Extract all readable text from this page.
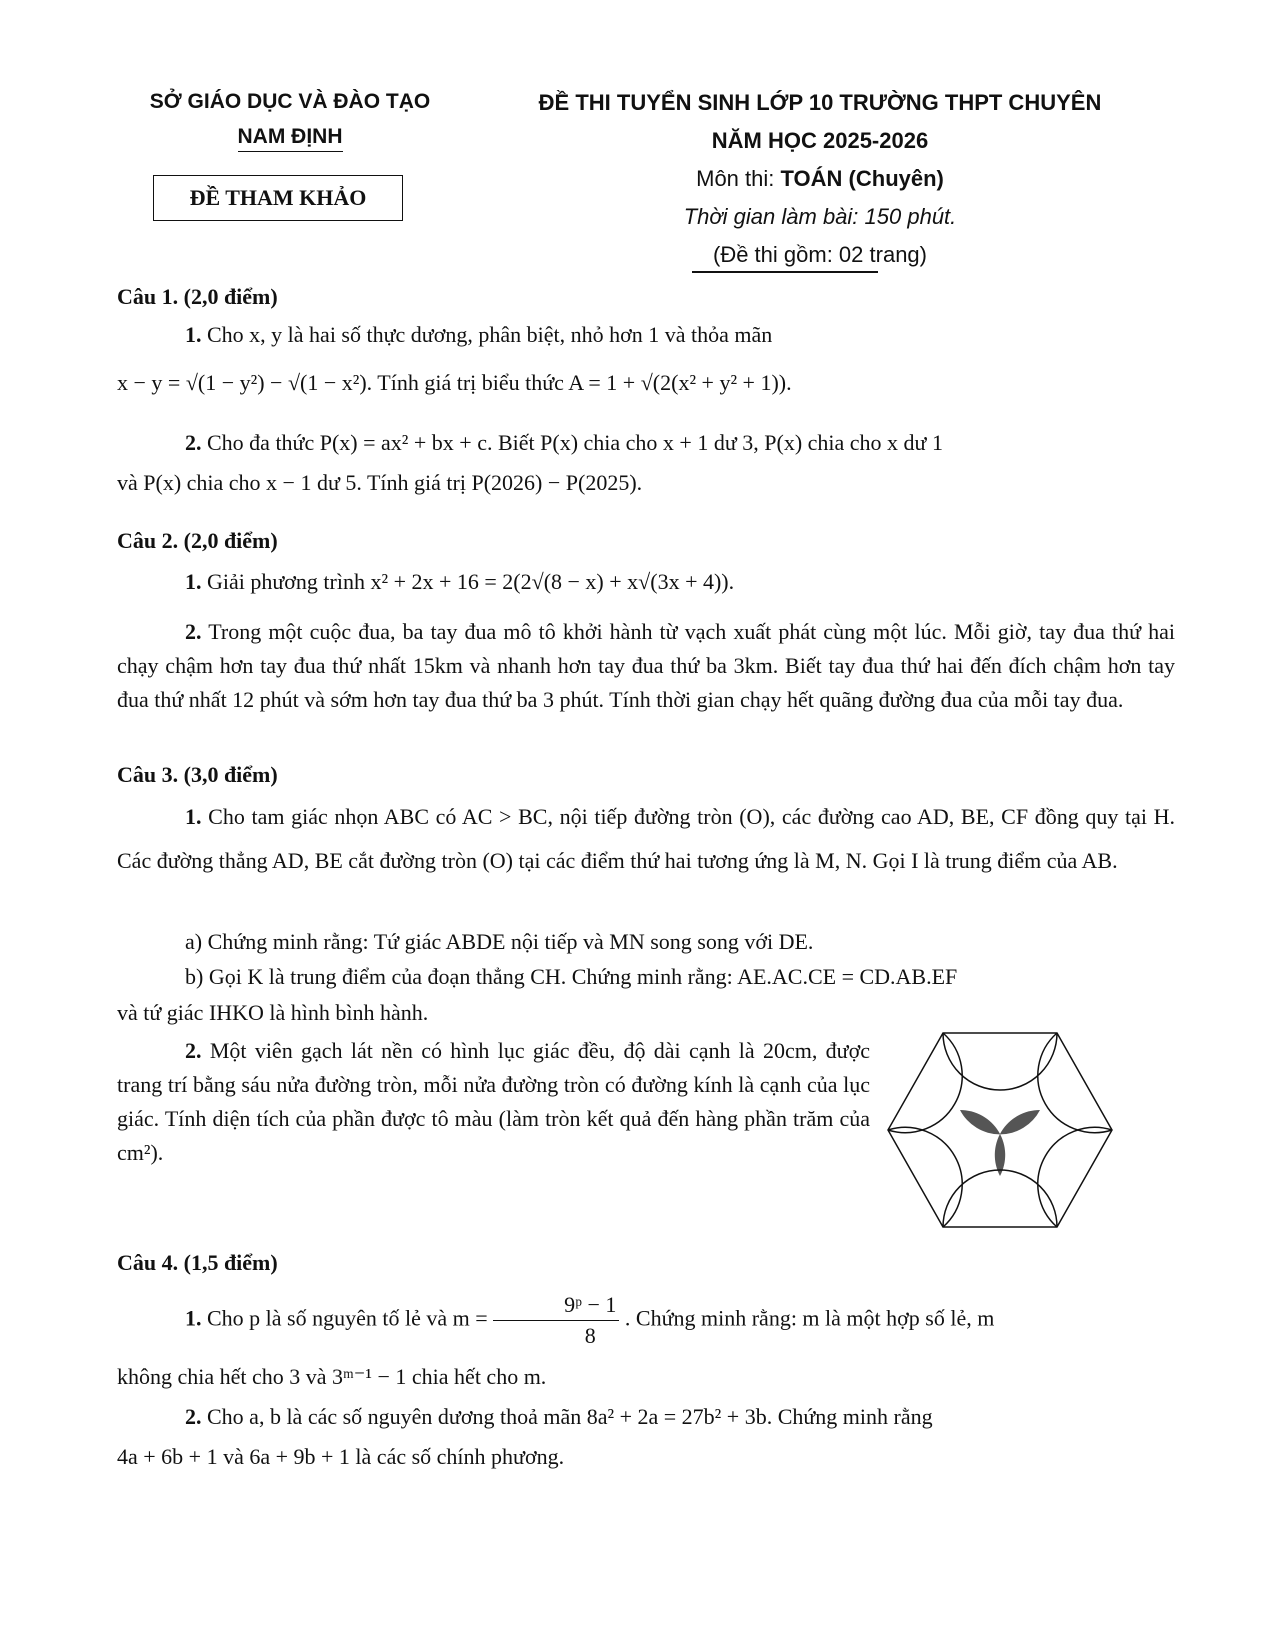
SỞ GIÁO DỤC VÀ ĐÀO TẠO
NAM ĐỊNH
ĐỀ THAM KHẢO
ĐỀ THI TUYỂN SINH LỚP 10 TRƯỜNG THPT CHUYÊN
NĂM HỌC 2025-2026
Môn thi: TOÁN (Chuyên)
Thời gian làm bài: 150 phút.
(Đề thi gồm: 02 trang)
Câu 1. (2,0 điểm)
1. Cho x, y là hai số thực dương, phân biệt, nhỏ hơn 1 và thỏa mãn
x − y = √(1 − y²) − √(1 − x²). Tính giá trị biểu thức A = 1 + √(2(x² + y² + 1)).
2. Cho đa thức P(x) = ax² + bx + c. Biết P(x) chia cho x + 1 dư 3, P(x) chia cho x dư 1
và P(x) chia cho x − 1 dư 5. Tính giá trị P(2026) − P(2025).
Câu 2. (2,0 điểm)
1. Giải phương trình x² + 2x + 16 = 2(2√(8 − x) + x√(3x + 4)).
2. Trong một cuộc đua, ba tay đua mô tô khởi hành từ vạch xuất phát cùng một lúc. Mỗi giờ, tay đua thứ hai chạy chậm hơn tay đua thứ nhất 15km và nhanh hơn tay đua thứ ba 3km. Biết tay đua thứ hai đến đích chậm hơn tay đua thứ nhất 12 phút và sớm hơn tay đua thứ ba 3 phút. Tính thời gian chạy hết quãng đường đua của mỗi tay đua.
Câu 3. (3,0 điểm)
1. Cho tam giác nhọn ABC có AC > BC, nội tiếp đường tròn (O), các đường cao AD, BE, CF đồng quy tại H. Các đường thẳng AD, BE cắt đường tròn (O) tại các điểm thứ hai tương ứng là M, N. Gọi I là trung điểm của AB.
a) Chứng minh rằng: Tứ giác ABDE nội tiếp và MN song song với DE.
b) Gọi K là trung điểm của đoạn thẳng CH. Chứng minh rằng: AE.AC.CE = CD.AB.EF
và tứ giác IHKO là hình bình hành.
2. Một viên gạch lát nền có hình lục giác đều, độ dài cạnh là 20cm, được trang trí bằng sáu nửa đường tròn, mỗi nửa đường tròn có đường kính là cạnh của lục giác. Tính diện tích của phần được tô màu (làm tròn kết quả đến hàng phần trăm của cm²).
Câu 4. (1,5 điểm)
1. Cho p là số nguyên tố lẻ và $m = \frac{\text{9ᵖ − 1}}{8}$ . Chứng minh rằng: m là một hợp số lẻ, m
không chia hết cho 3 và 3ᵐ⁻¹ − 1 chia hết cho m.
2. Cho a, b là các số nguyên dương thoả mãn 8a² + 2a = 27b² + 3b. Chứng minh rằng
4a + 6b + 1 và 6a + 9b + 1 là các số chính phương.
